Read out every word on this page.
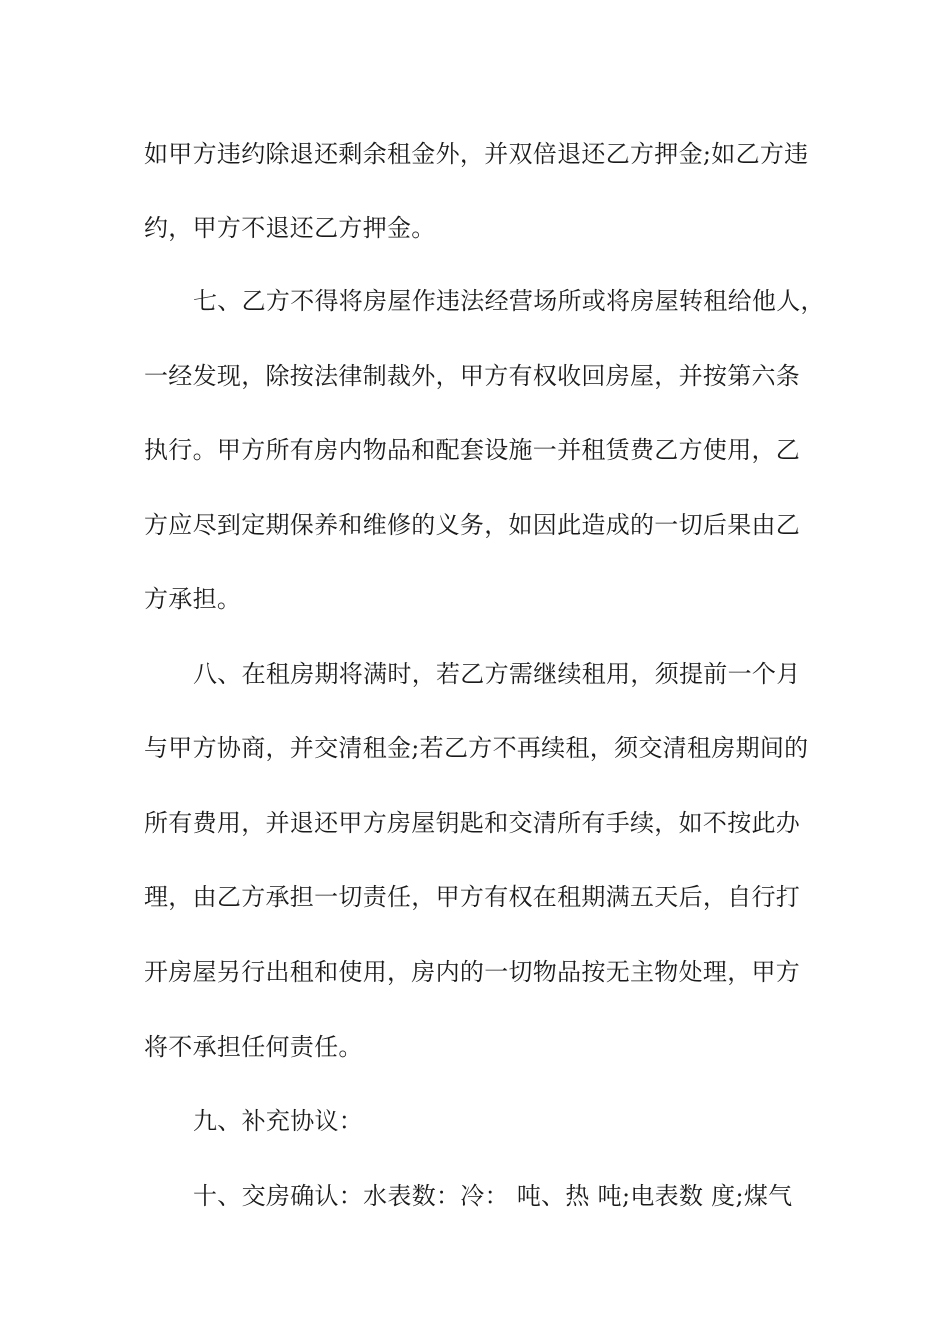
如甲方违约除退还剩余租金外，并双倍退还乙方押金;如乙方违
约，甲方不退还乙方押金。
七、乙方不得将房屋作违法经营场所或将房屋转租给他人，
一经发现，除按法律制裁外，甲方有权收回房屋，并按第六条
执行。甲方所有房内物品和配套设施一并租赁费乙方使用，乙
方应尽到定期保养和维修的义务，如因此造成的一切后果由乙
方承担。
八、在租房期将满时，若乙方需继续租用，须提前一个月
与甲方协商，并交清租金;若乙方不再续租，须交清租房期间的
所有费用，并退还甲方房屋钥匙和交清所有手续，如不按此办
理，由乙方承担一切责任，甲方有权在租期满五天后，自行打
开房屋另行出租和使用，房内的一切物品按无主物处理，甲方
将不承担任何责任。
九、补充协议：
十、交房确认：水表数：冷： 吨、热 吨;电表数 度;煤气
